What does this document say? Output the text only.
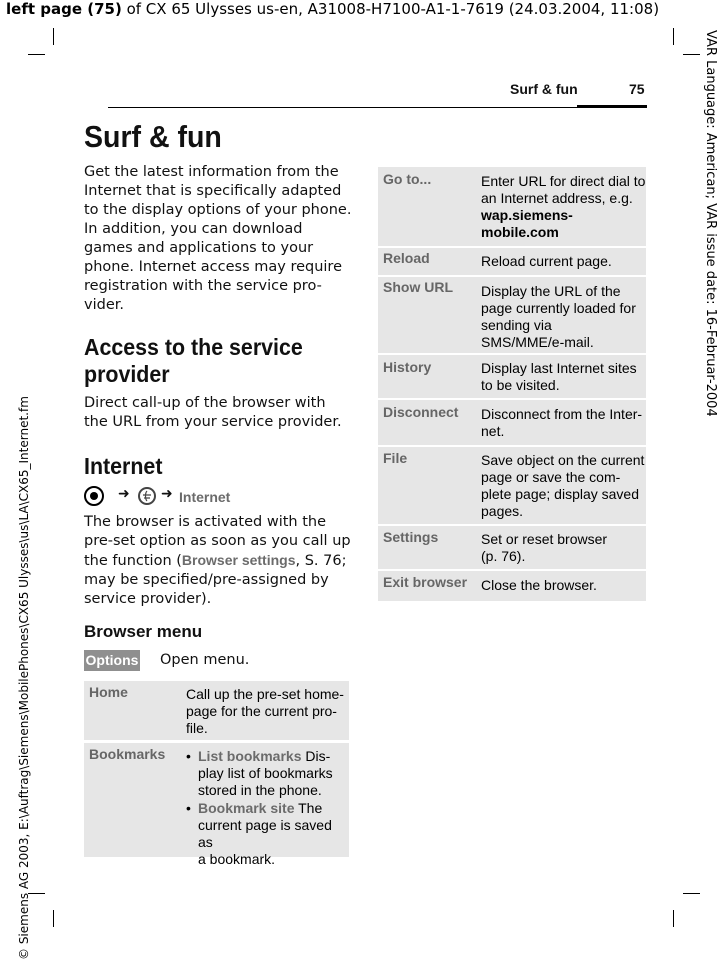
left page (75) of CX 65 Ulysses us-en, A31008-H7100-A1-1-7619 (24.03.2004, 11:08)
VAR Language: American; VAR issue date: 16-Februar-2004
© Siemens AG 2003, E:\Auftrag\Siemens\MobilePhones\CX65 Ulysses\us\LA\CX65_Internet.fm
Surf & fun	75
Surf & fun
Get the latest information from the
Internet that is specifically adapted
to the display options of your phone.
In addition, you can download
games and applications to your
phone. Internet access may require
registration with the service pro-
vider.
Access to the service
provider
Direct call-up of the browser with
the URL from your service provider.
Internet
➜ ➜ Internet
The browser is activated with the
pre-set option as soon as you call up
the function (Browser settings, S. 76;
may be specified/pre-assigned by
service provider).
Browser menu
Options Open menu.
Home	Call up the pre-set home-
page for the current pro-
file.
Bookmarks • List bookmarks Dis-
play list of bookmarks
stored in the phone.
• Bookmark site The
current page is saved as
a bookmark.
Go to...	Enter URL for direct dial to
an Internet address, e.g.
wap.siemens-
mobile.com
Reload	Reload current page.
Show URL Display the URL of the
page currently loaded for
sending via
SMS/MME/e-mail.
History	Display last Internet sites
to be visited.
Disconnect Disconnect from the Inter-
net.
File	Save object on the current
page or save the com-
plete page; display saved
pages.
Settings	Set or reset browser
(p. 76).
Exit browser Close the browser.
